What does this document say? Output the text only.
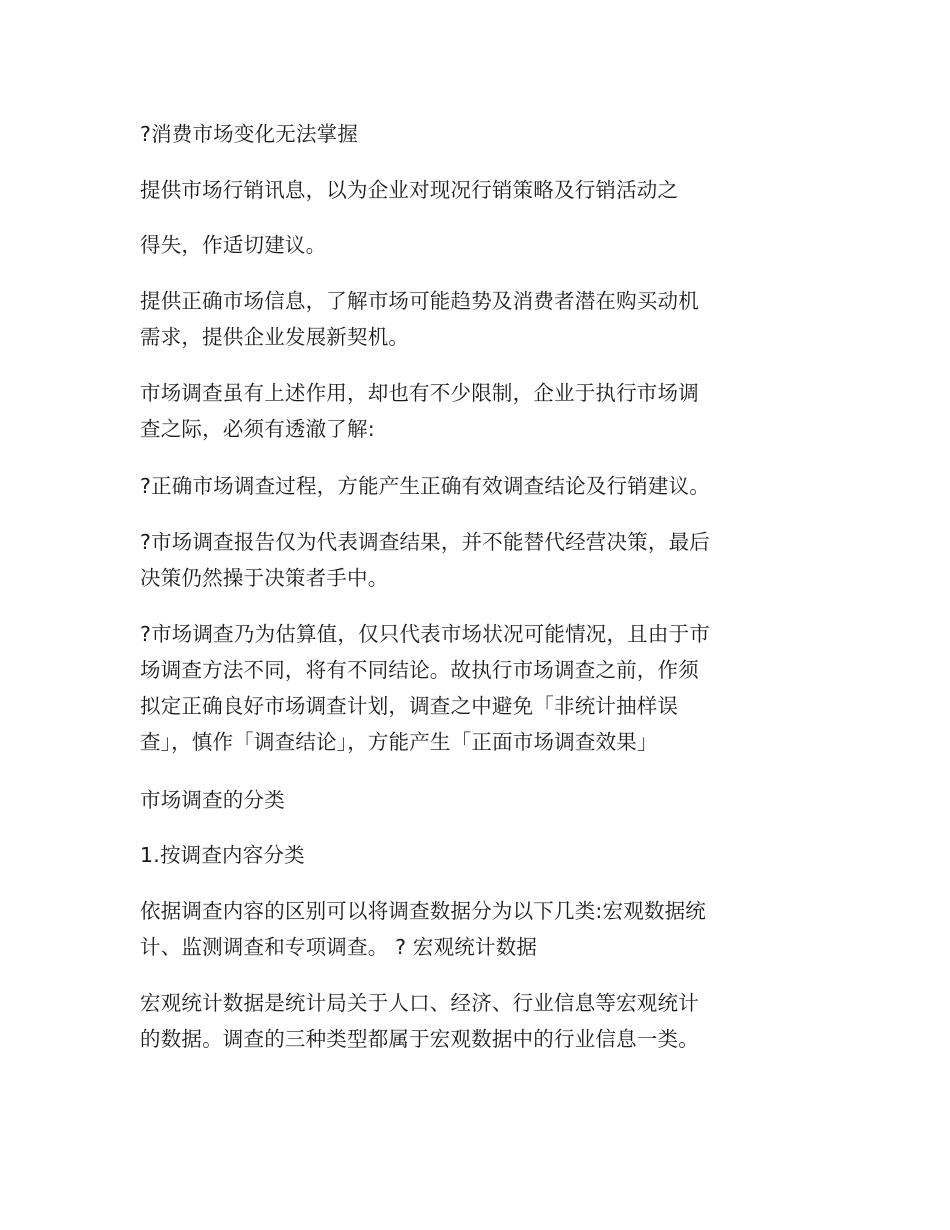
?消费市场变化无法掌握

提供市场行销讯息，以为企业对现况行销策略及行销活动之

得失，作适切建议。

提供正确市场信息，了解市场可能趋势及消费者潜在购买动机
需求，提供企业发展新契机。

市场调查虽有上述作用，却也有不少限制，企业于执行市场调
查之际，必须有透澈了解:

?正确市场调查过程，方能产生正确有效调查结论及行销建议。

?市场调查报告仅为代表调查结果，并不能替代经营决策，最后
决策仍然操于决策者手中。

?市场调查乃为估算值，仅只代表市场状况可能情况，且由于市
场调查方法不同，将有不同结论。故执行市场调查之前，作须
拟定正确良好市场调查计划，调查之中避免「非统计抽样误
查」，慎作「调查结论」，方能产生「正面市场调查效果」

市场调查的分类

1.按调查内容分类

依据调查内容的区别可以将调查数据分为以下几类:宏观数据统
计、监测调查和专项调查。 ? 宏观统计数据

宏观统计数据是统计局关于人口、经济、行业信息等宏观统计
的数据。调查的三种类型都属于宏观数据中的行业信息一类。
